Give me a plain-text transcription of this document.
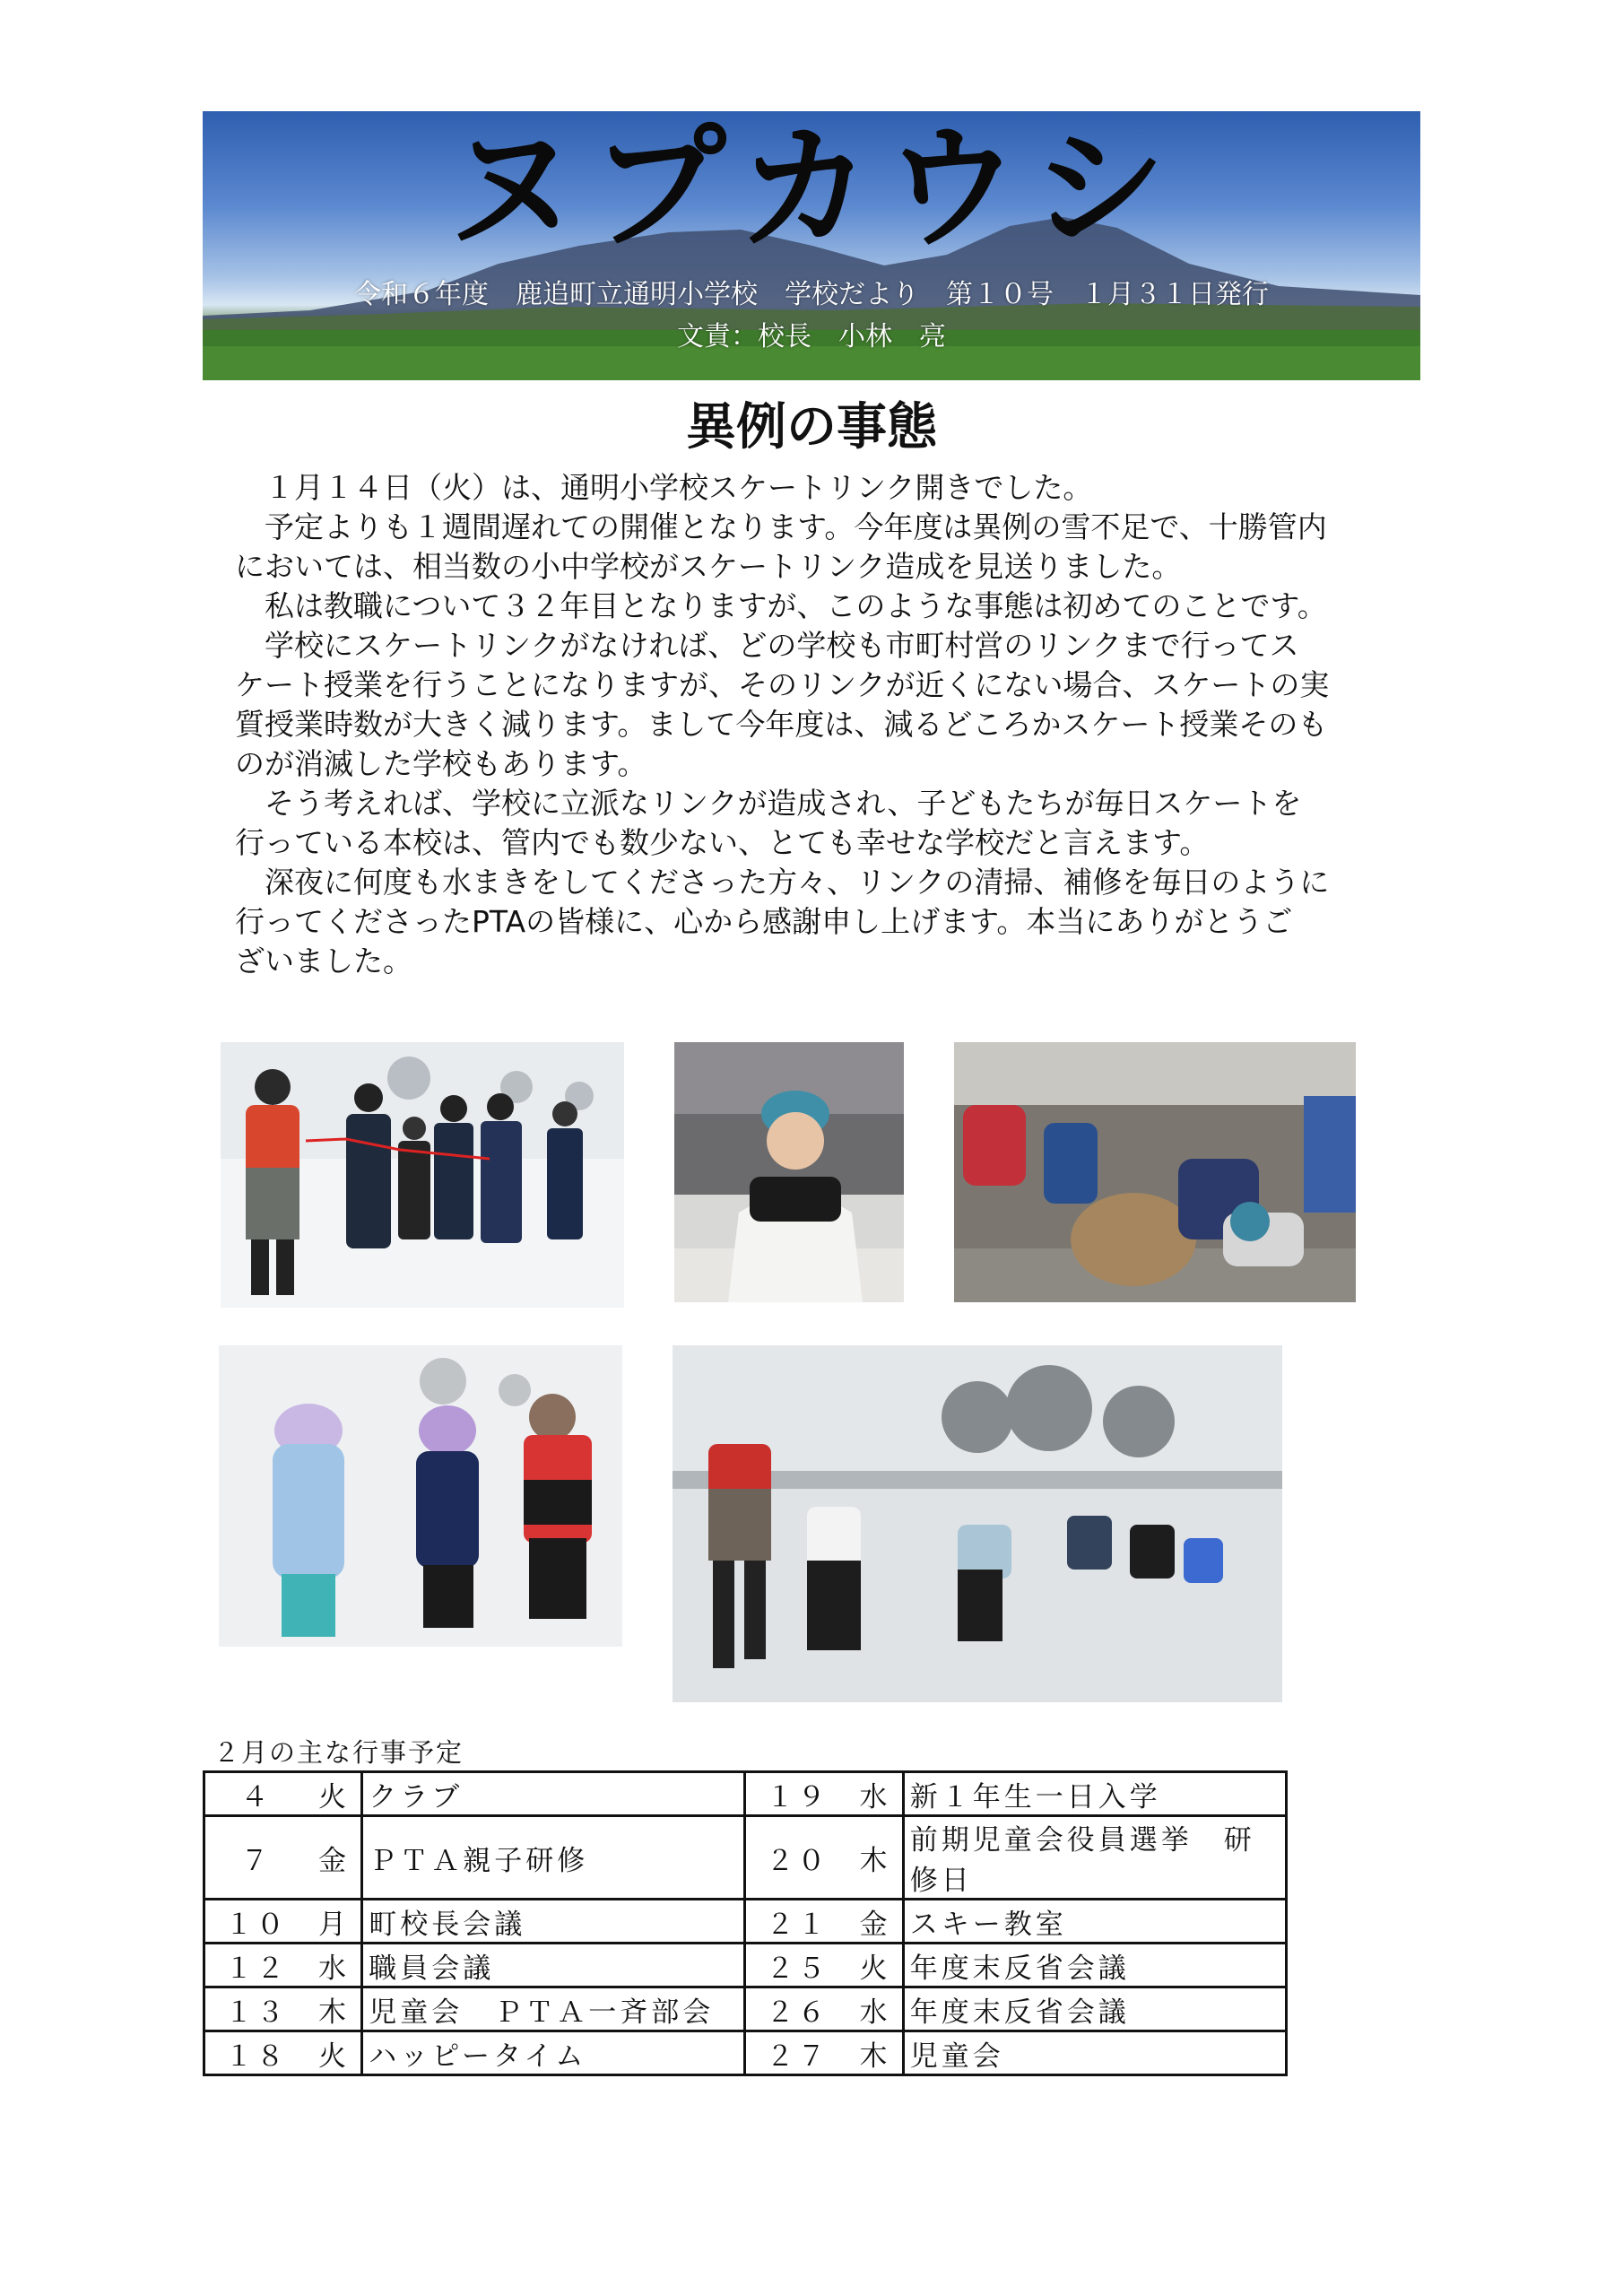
ヌプカウシ
令和６年度　鹿追町立通明小学校　学校だより　第１０号　１月３１日発行
文責：校長　小林　亮
異例の事態

　１月１４日（火）は、通明小学校スケートリンク開きでした。

　予定よりも１週間遅れての開催となります。今年度は異例の雪不足で、十勝管内
においては、相当数の小中学校がスケートリンク造成を見送りました。

　私は教職について３２年目となりますが、このような事態は初めてのことです。

　学校にスケートリンクがなければ、どの学校も市町村営のリンクまで行ってス
ケート授業を行うことになりますが、そのリンクが近くにない場合、スケートの実
質授業時数が大きく減ります。まして今年度は、減るどころかスケート授業そのも
のが消滅した学校もあります。

　そう考えれば、学校に立派なリンクが造成され、子どもたちが毎日スケートを
行っている本校は、管内でも数少ない、とても幸せな学校だと言えます。

　深夜に何度も水まきをしてくださった方々、リンクの清掃、補修を毎日のように
行ってくださったPTAの皆様に、心から感謝申し上げます。本当にありがとうご
ざいました。

２月の主な行事予定
４	火	クラブ	１９	水	新１年生一日入学
７	金	ＰＴＡ親子研修	２０	木	前期児童会役員選挙　研修日
１０	月	町校長会議	２１	金	スキー教室
１２	水	職員会議	２５	火	年度末反省会議
１３	木	児童会　ＰＴＡ一斉部会	２６	水	年度末反省会議
１８	火	ハッピータイム	２７	木	児童会
